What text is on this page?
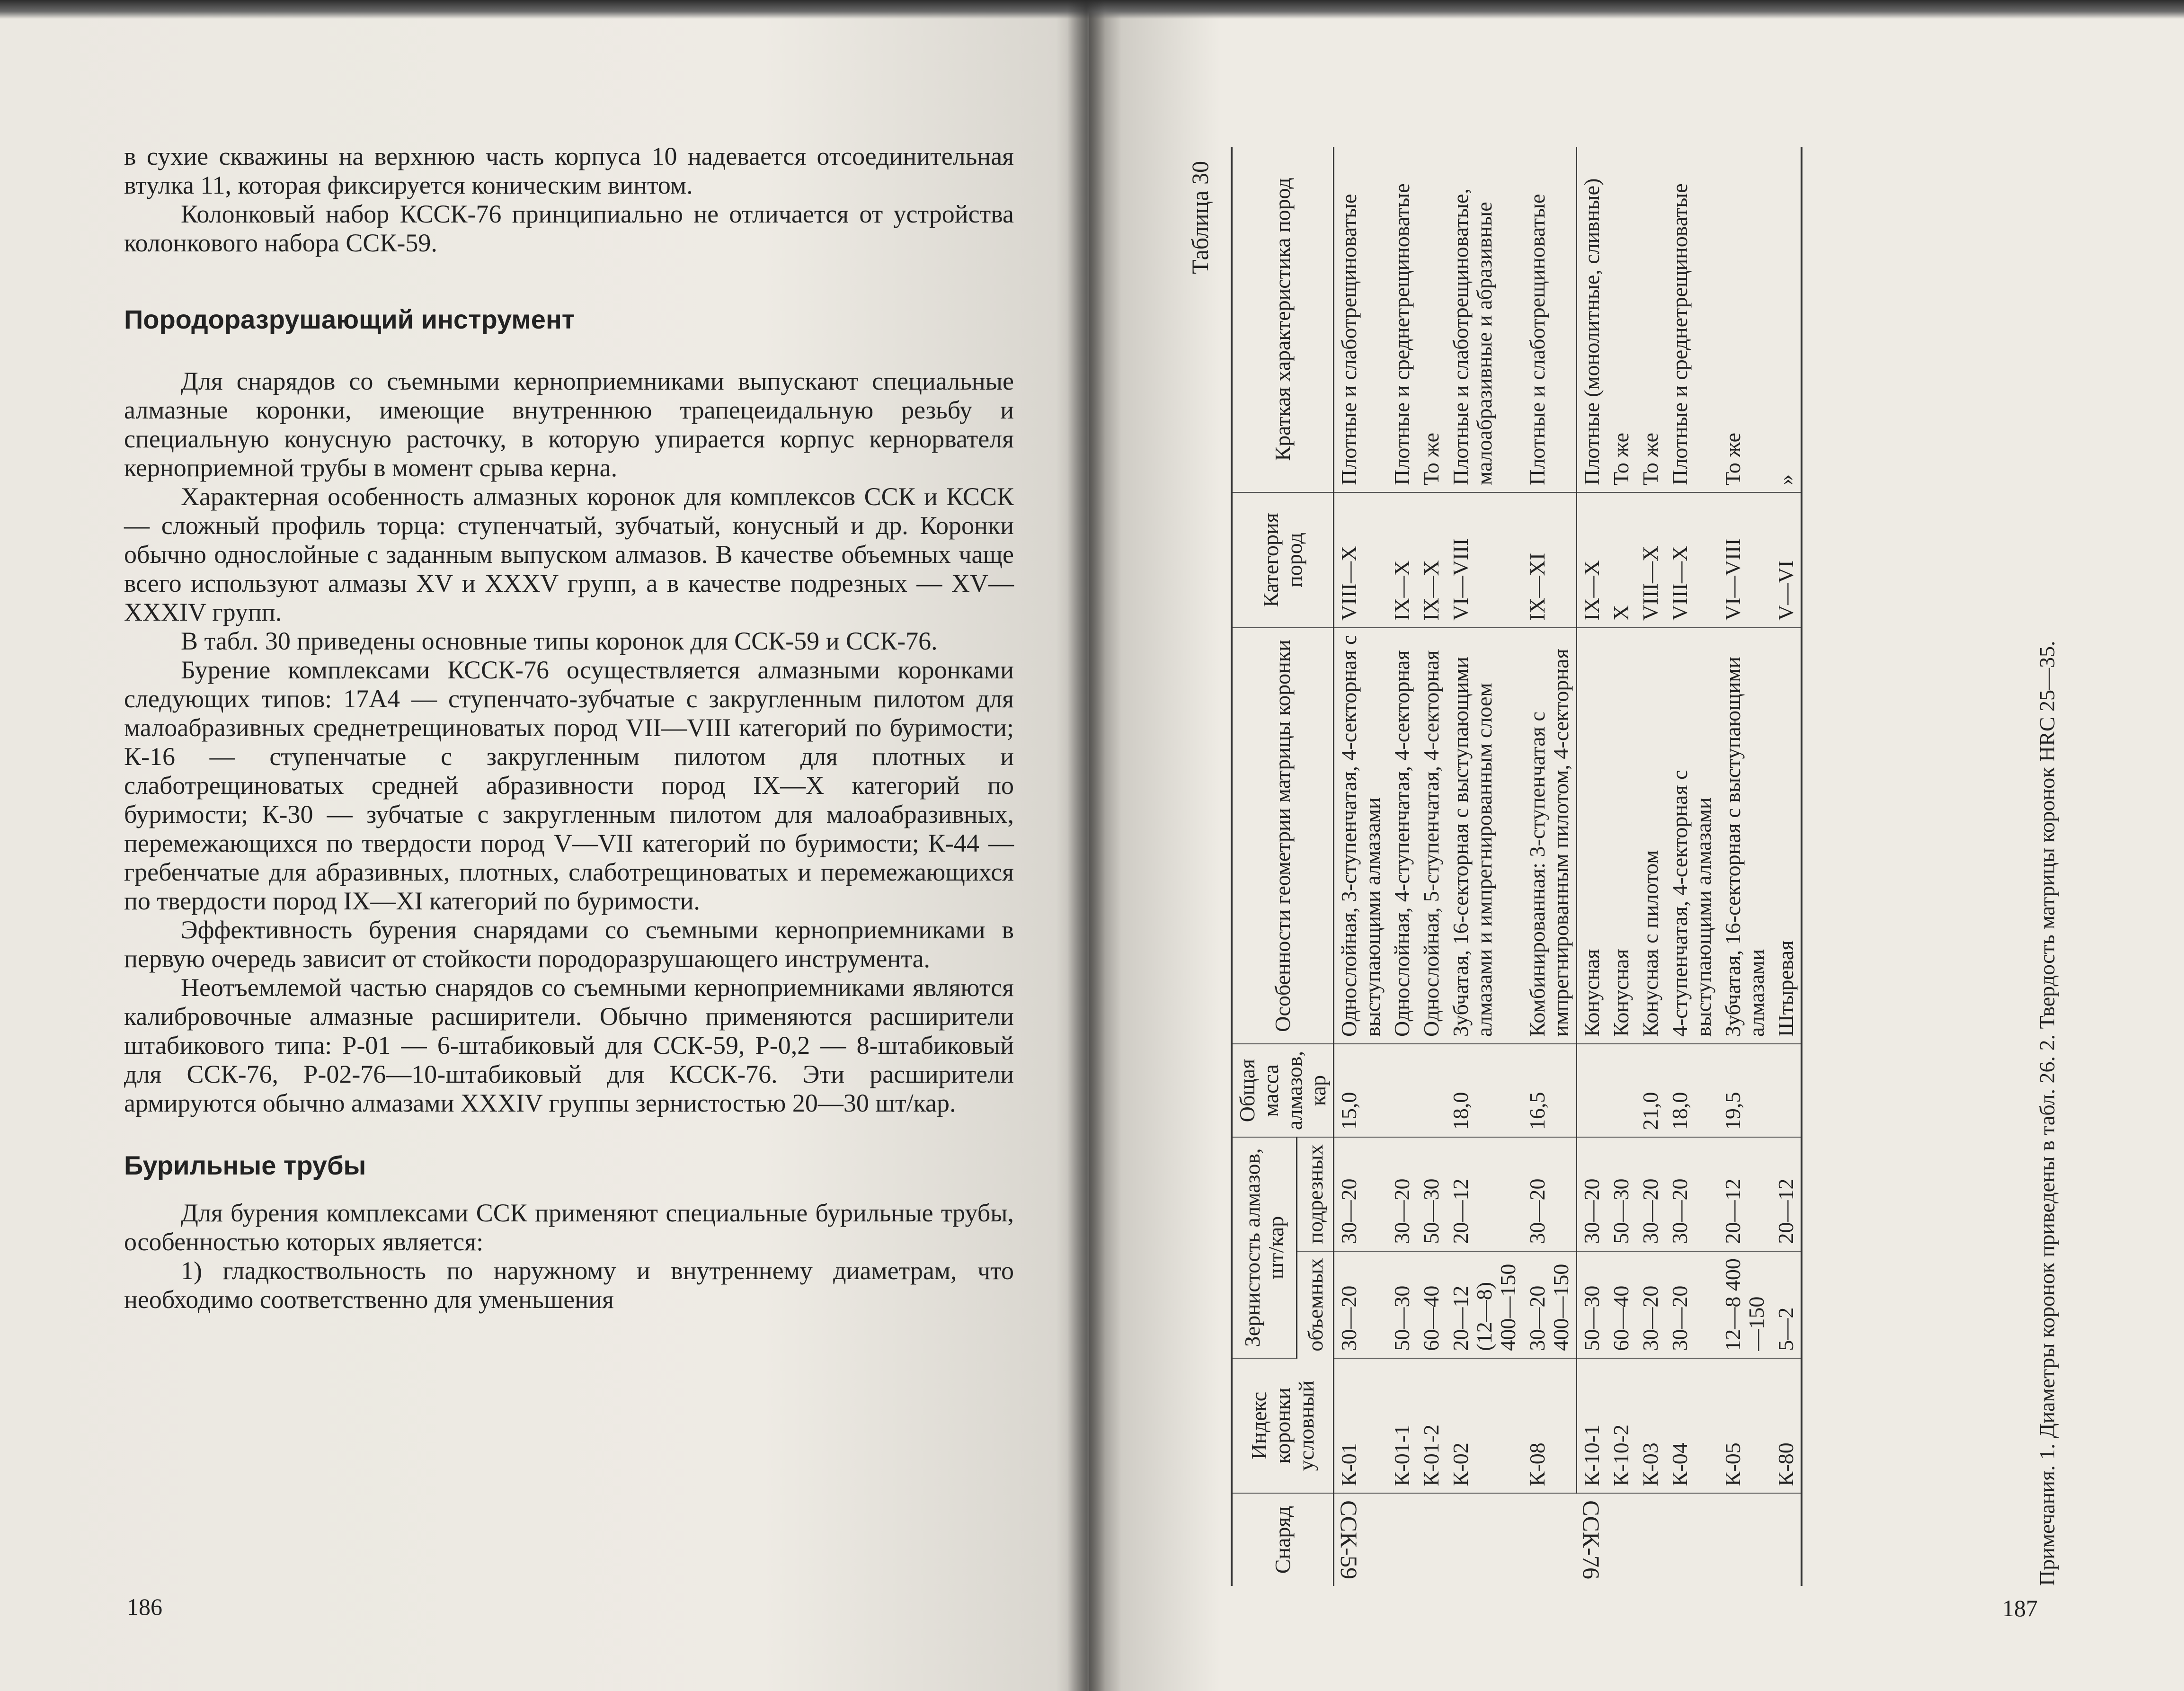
в сухие скважины на верхнюю часть корпуса 10 надевается отсоединительная втулка 11, которая фиксируется коническим винтом.

Колонковый набор КССК-76 принципиально не отличается от устройства колонкового набора ССК-59.

Породоразрушающий инструмент

Для снарядов со съемными керноприемниками выпускают специальные алмазные коронки, имеющие внутреннюю трапецеидальную резьбу и специальную конусную расточку, в которую упирается корпус кернорвателя керноприемной трубы в момент срыва керна.

Характерная особенность алмазных коронок для комплексов ССК и КССК — сложный профиль торца: ступенчатый, зубчатый, конусный и др. Коронки обычно однослойные с заданным выпуском алмазов. В качестве объемных чаще всего используют алмазы XV и XXXV групп, а в качестве подрезных — XV—XXXIV групп.

В табл. 30 приведены основные типы коронок для ССК-59 и ССК-76.

Бурение комплексами КССК-76 осуществляется алмазными коронками следующих типов: 17А4 — ступенчато-зубчатые с закругленным пилотом для малоабразивных среднетрещиноватых пород VII—VIII категорий по буримости; К-16 — ступенчатые с закругленным пилотом для плотных и слаботрещиноватых средней абразивности пород IX—X категорий по буримости; К-30 — зубчатые с закругленным пилотом для малоабразивных, перемежающихся по твердости пород V—VII категорий по буримости; К-44 — гребенчатые для абразивных, плотных, слаботрещиноватых и перемежающихся по твердости пород IX—XI категорий по буримости.

Эффективность бурения снарядами со съемными керноприемниками в первую очередь зависит от стойкости породоразрушающего инструмента.

Неотъемлемой частью снарядов со съемными керноприемниками являются калибровочные алмазные расширители. Обычно применяются расширители штабикового типа: Р-01 — 6-штабиковый для ССК-59, Р-0,2 — 8-штабиковый для ССК-76, Р-02-76—10-штабиковый для КССК-76. Эти расширители армируются обычно алмазами XXXIV группы зернистостью 20—30 шт/кар.

Бурильные трубы

Для бурения комплексами ССК применяют специальные бурильные трубы, особенностью которых является:

1) гладкоствольность по наружному и внутреннему диаметрам, что необходимо соответственно для уменьшения

186	187
Таблица 30
Снаряд	Индекс коронки условный	Зернистость алмазов, шт/кар		Общая масса алмазов, кар	Особенности геометрии матрицы коронки	Категория пород	Краткая характеристика пород
		объемных	подрезных				
ССК-59	К-01	30—20	30—20	15,0	Однослойная, 3-ступенчатая, 4-секторная с выступающими алмазами	VIII—X	Плотные и слаботрещиноватые
	К-01-1	50—30	30—20		Однослойная, 4-ступенчатая, 4-секторная	IX—X	Плотные и среднетрещиноватые
	К-01-2	60—40	50—30		Однослойная, 5-ступенчатая, 4-секторная	IX—X	То же
	К-02	20—12 (12—8) 400—150	20—12	18,0	Зубчатая, 16-секторная с выступающими алмазами и импрегнированным слоем	VI—VIII	Плотные и слаботрещиноватые, малоабразивные и абразивные
	К-08	30—20 400—150	30—20	16,5	Комбинированная: 3-ступенчатая с импрегнированным пилотом, 4-секторная	IX—XI	Плотные и слаботрещиноватые
ССК-76	К-10-1	50—30	30—20		Конусная	IX—X	Плотные (монолитные, сливные)
	К-10-2	60—40	50—30		Конусная	X	То же
	К-03	30—20	30—20	21,0	Конусная с пилотом	VIII—X	То же
	К-04	30—20	30—20	18,0	4-ступенчатая, 4-секторная с выступающими алмазами	VIII—X	Плотные и среднетрещиноватые
	К-05	12—8 400—150	20—12	19,5	Зубчатая, 16-секторная с выступающими алмазами	VI—VIII	То же
	К-80	5—2	20—12		Штыревая	V—VI	»
Примечания. 1. Диаметры коронок приведены в табл. 26. 2. Твердость матрицы коронок HRC 25—35.
